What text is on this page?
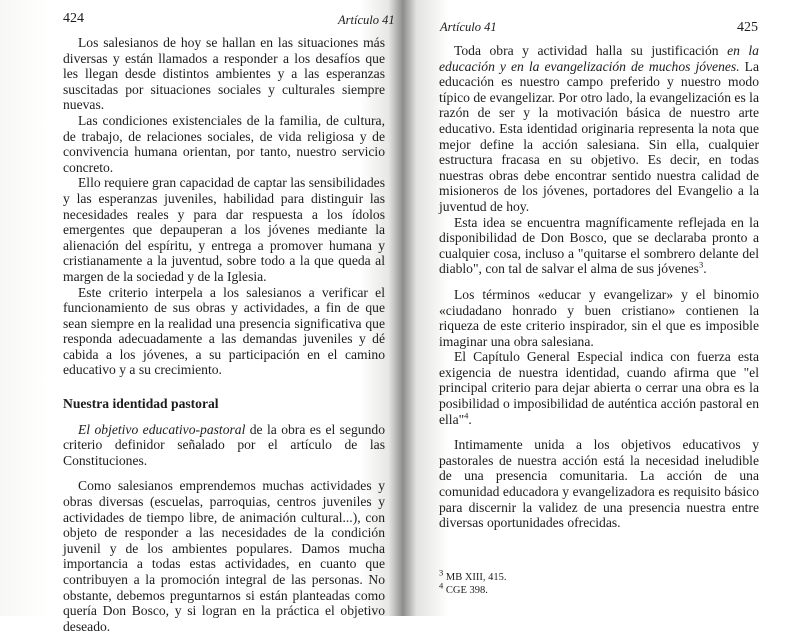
424	Artículo 41

Los salesianos de hoy se hallan en las situaciones más diversas y están llamados a responder a los desafíos que les llegan desde distintos ambientes y a las esperanzas suscitadas por situaciones sociales y culturales siempre nuevas.

Las condiciones existenciales de la familia, de cultura, de trabajo, de relaciones sociales, de vida religiosa y de convivencia humana orientan, por tanto, nuestro servicio concreto.

Ello requiere gran capacidad de captar las sensibilidades y las esperanzas juveniles, habilidad para distinguir las necesidades reales y para dar respuesta a los ídolos emergentes que depauperan a los jóvenes mediante la alienación del espíritu, y entrega a promover humana y cristianamente a la juventud, sobre todo a la que queda al margen de la sociedad y de la Iglesia.

Este criterio interpela a los salesianos a verificar el funcionamiento de sus obras y actividades, a fin de que sean siempre en la realidad una presencia significativa que responda adecuadamente a las demandas juveniles y dé cabida a los jóvenes, a su participación en el camino educativo y a su crecimiento.

Nuestra identidad pastoral

El objetivo educativo-pastoral de la obra es el segundo criterio definidor señalado por el artículo de las Constituciones.

Como salesianos emprendemos muchas actividades y obras diversas (escuelas, parroquias, centros juveniles y actividades de tiempo libre, de animación cultural...), con objeto de responder a las necesidades de la condición juvenil y de los ambientes populares. Damos mucha importancia a todas estas actividades, en cuanto que contribuyen a la promoción integral de las personas. No obstante, debemos preguntarnos si están planteadas como quería Don Bosco, y si logran en la práctica el objetivo deseado.

Artículo 41	425

Toda obra y actividad halla su justificación en la educación y en la evangelización de muchos jóvenes. La educación es nuestro campo preferido y nuestro modo típico de evangelizar. Por otro lado, la evangelización es la razón de ser y la motivación básica de nuestro arte educativo. Esta identidad originaria representa la nota que mejor define la acción salesiana. Sin ella, cualquier estructura fracasa en su objetivo. Es decir, en todas nuestras obras debe encontrar sentido nuestra calidad de misioneros de los jóvenes, portadores del Evangelio a la juventud de hoy.

Esta idea se encuentra magníficamente reflejada en la disponibilidad de Don Bosco, que se declaraba pronto a cualquier cosa, incluso a "quitarse el sombrero delante del diablo", con tal de salvar el alma de sus jóvenes$^3$.

Los términos «educar y evangelizar» y el binomio «ciudadano honrado y buen cristiano» contienen la riqueza de este criterio inspirador, sin el que es imposible imaginar una obra salesiana.

El Capítulo General Especial indica con fuerza esta exigencia de nuestra identidad, cuando afirma que "el principal criterio para dejar abierta o cerrar una obra es la posibilidad o imposibilidad de auténtica acción pastoral en ella"$^4$.

Intimamente unida a los objetivos educativos y pastorales de nuestra acción está la necesidad ineludible de una presencia comunitaria. La acción de una comunidad educadora y evangelizadora es requisito básico para discernir la validez de una presencia nuestra entre diversas oportunidades ofrecidas.

$^3$ MB XIII, 415.
$^4$ CGE 398.
